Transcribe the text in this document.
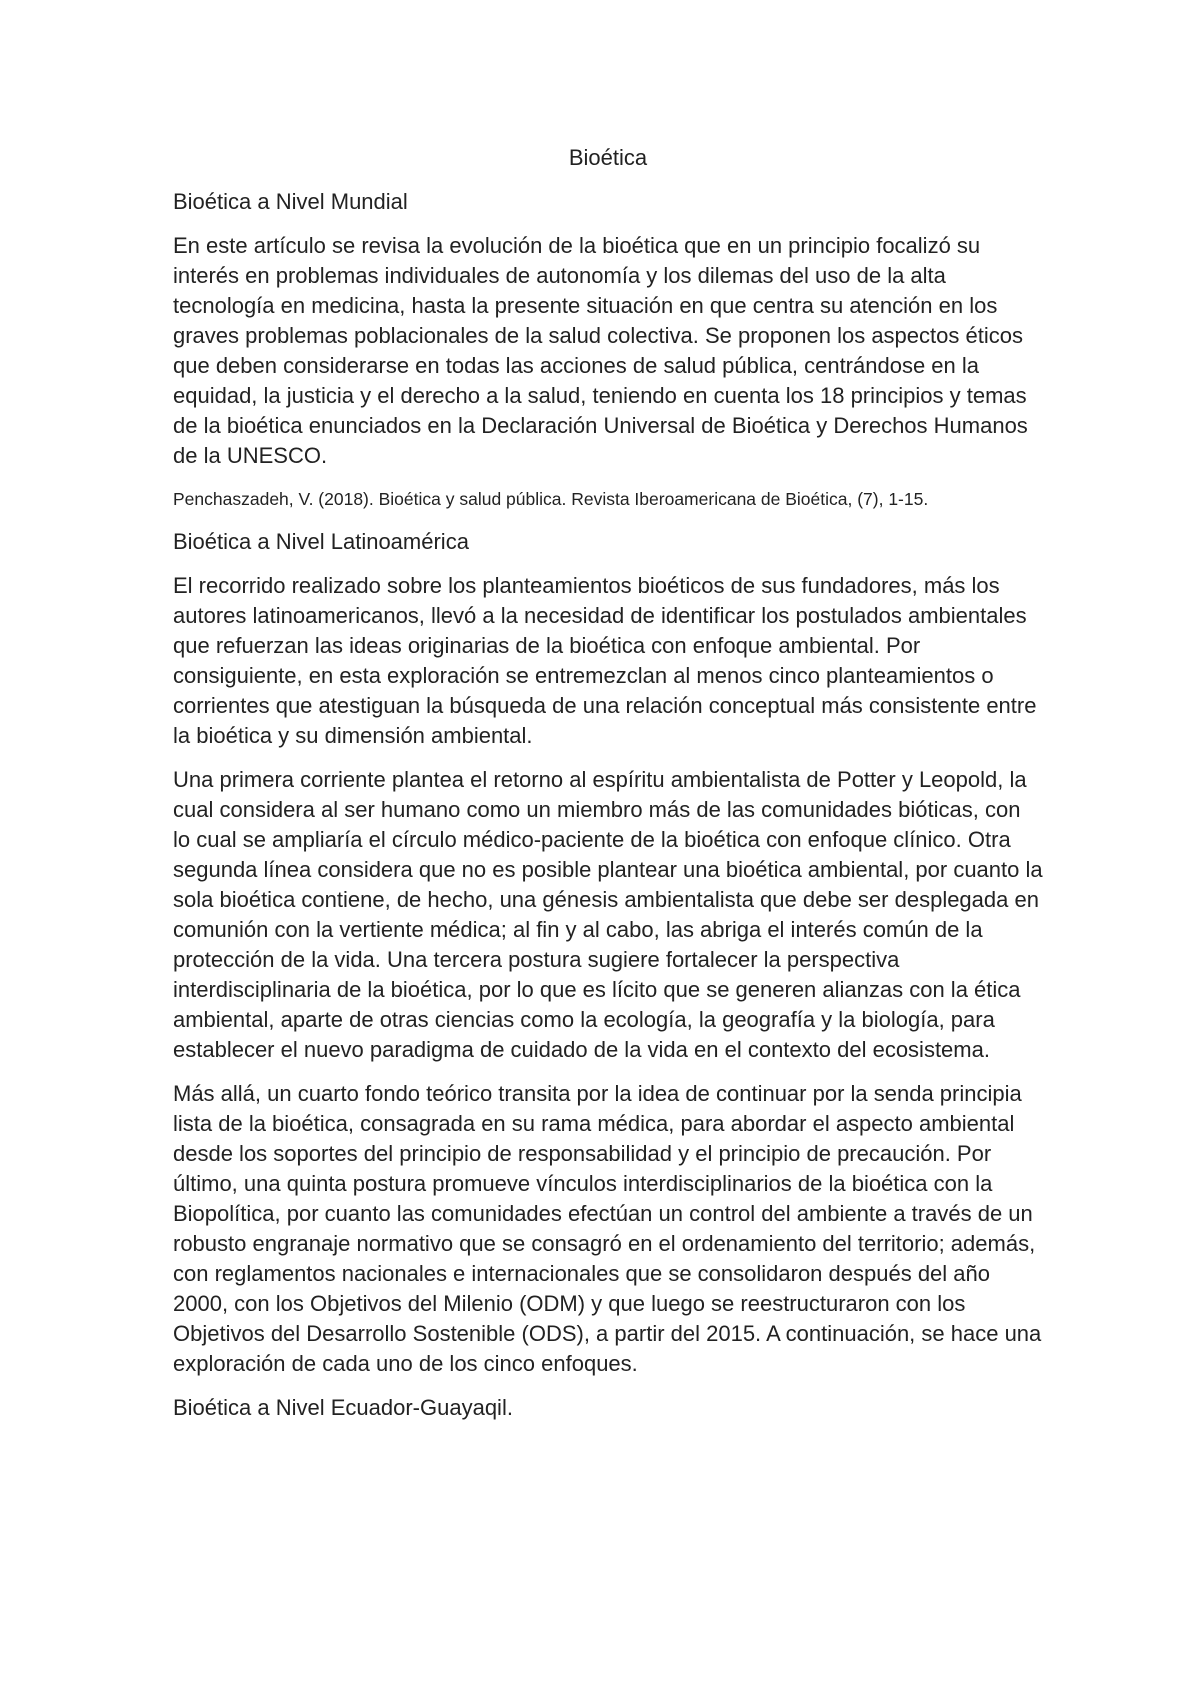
Bioética
Bioética a Nivel Mundial

En este artículo se revisa la evolución de la bioética que en un principio focalizó su interés en problemas individuales de autonomía y los dilemas del uso de la alta tecnología en medicina, hasta la presente situación en que centra su atención en los graves problemas poblacionales de la salud colectiva. Se proponen los aspectos éticos que deben considerarse en todas las acciones de salud pública, centrándose en la equidad, la justicia y el derecho a la salud, teniendo en cuenta los 18 principios y temas de la bioética enunciados en la Declaración Universal de Bioética y Derechos Humanos de la UNESCO.

Penchaszadeh, V. (2018). Bioética y salud pública. Revista Iberoamericana de Bioética, (7), 1-15.

Bioética a Nivel Latinoamérica

El recorrido realizado sobre los planteamientos bioéticos de sus fundadores, más los autores latinoamericanos, llevó a la necesidad de identificar los postulados ambientales que refuerzan las ideas originarias de la bioética con enfoque ambiental. Por consiguiente, en esta exploración se entremezclan al menos cinco planteamientos o corrientes que atestiguan la búsqueda de una relación conceptual más consistente entre la bioética y su dimensión ambiental.

Una primera corriente plantea el retorno al espíritu ambientalista de Potter y Leopold, la cual considera al ser humano como un miembro más de las comunidades bióticas, con lo cual se ampliaría el círculo médico-paciente de la bioética con enfoque clínico. Otra segunda línea considera que no es posible plantear una bioética ambiental, por cuanto la sola bioética contiene, de hecho, una génesis ambientalista que debe ser desplegada en comunión con la vertiente médica; al fin y al cabo, las abriga el interés común de la protección de la vida. Una tercera postura sugiere fortalecer la perspectiva interdisciplinaria de la bioética, por lo que es lícito que se generen alianzas con la ética ambiental, aparte de otras ciencias como la ecología, la geografía y la biología, para establecer el nuevo paradigma de cuidado de la vida en el contexto del ecosistema.

Más allá, un cuarto fondo teórico transita por la idea de continuar por la senda principia lista de la bioética, consagrada en su rama médica, para abordar el aspecto ambiental desde los soportes del principio de responsabilidad y el principio de precaución. Por último, una quinta postura promueve vínculos interdisciplinarios de la bioética con la Biopolítica, por cuanto las comunidades efectúan un control del ambiente a través de un robusto engranaje normativo que se consagró en el ordenamiento del territorio; además, con reglamentos nacionales e internacionales que se consolidaron después del año 2000, con los Objetivos del Milenio (ODM) y que luego se reestructuraron con los Objetivos del Desarrollo Sostenible (ODS), a partir del 2015. A continuación, se hace una exploración de cada uno de los cinco enfoques.

Bioética a Nivel Ecuador-Guayaqil.
